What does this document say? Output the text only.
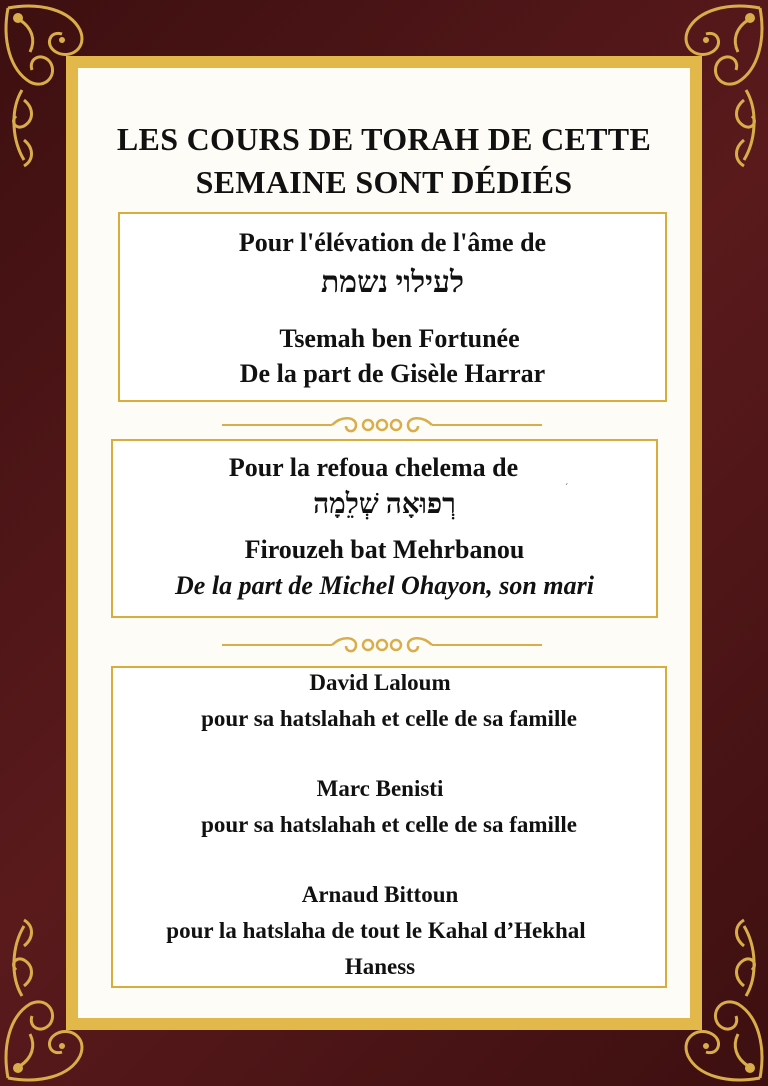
LES COURS DE TORAH DE CETTE
SEMAINE SONT DÉDIÉS
Pour l'élévation de l'âme de
לעילוי נשמת
Tsemah ben Fortunée
De la part de Gisèle Harrar
Pour la refoua chelema de
´
רְפוּאָה שְׁלֵמָה
Firouzeh bat Mehrbanou
De la part de Michel Ohayon, son mari
David Laloum
pour sa hatslahah et celle de sa famille
Marc Benisti
pour sa hatslahah et celle de sa famille
Arnaud Bittoun
pour la hatslaha de tout le Kahal d’Hekhal
Haness
